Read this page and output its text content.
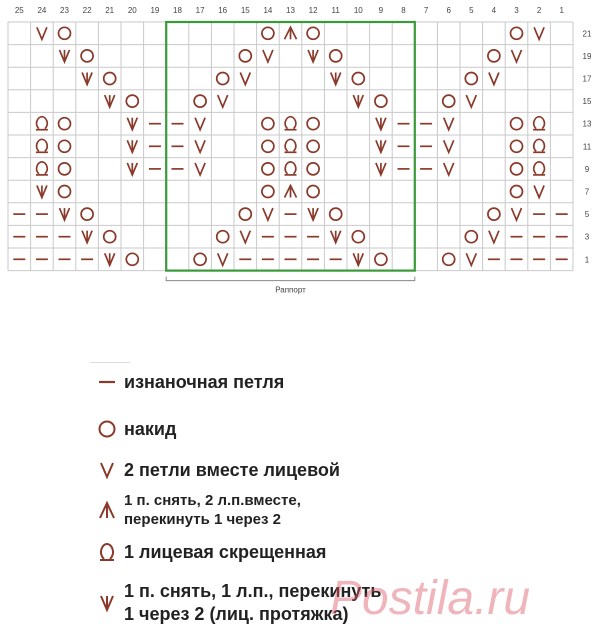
25 24 23 22 21 20 19 18 17 16 15 14 13 12 11 10 9 8 7 6 5 4 3 2 1
21
19
17
15
13
11
9
7
5
3
1
Раппорт
изнаночная петля
накид
2 петли вместе лицевой
1 п. снять, 2 л.п.вместе,
перекинуть 1 через 2
1 лицевая скрещенная
1 п. снять, 1 л.п., перекинуть
1 через 2 (лиц. протяжка)
Postila.ru
